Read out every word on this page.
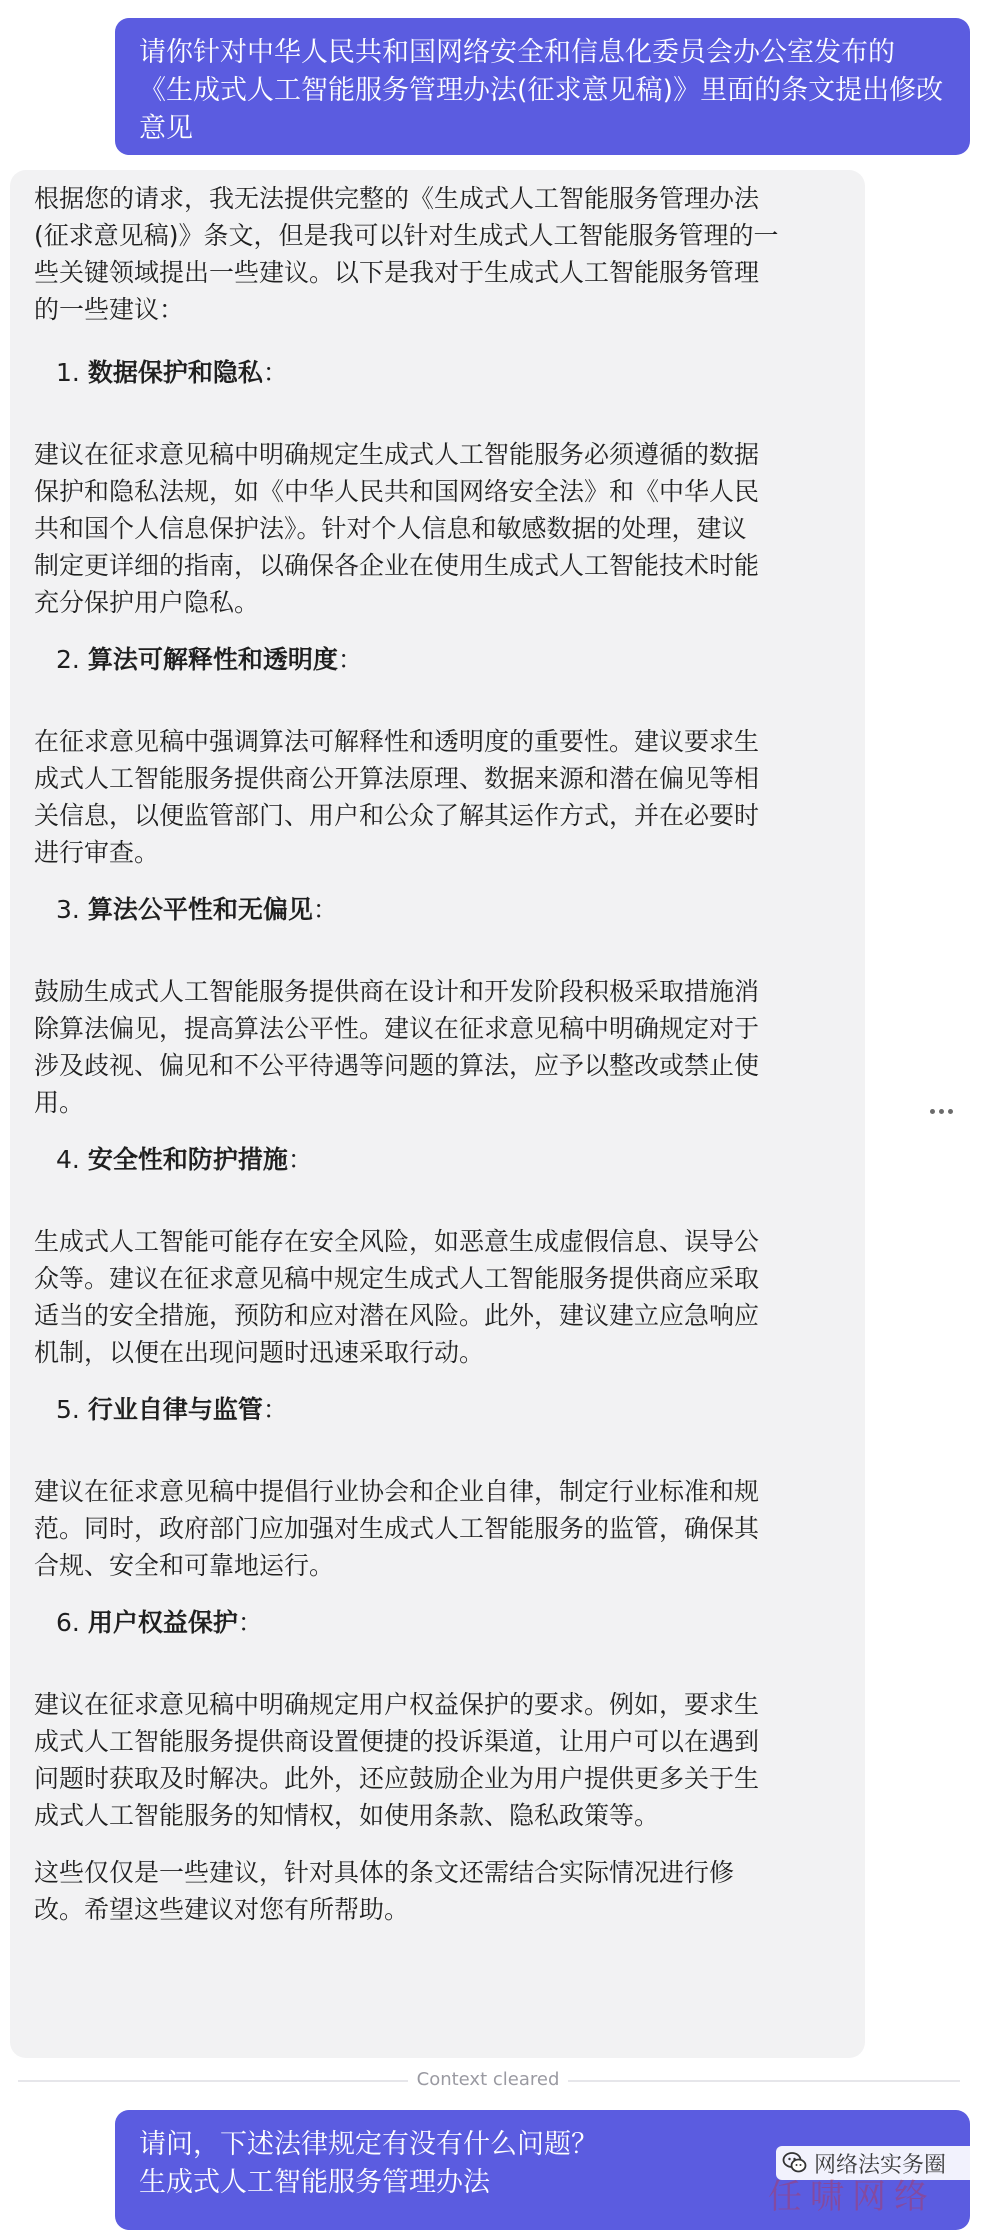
请你针对中华人民共和国网络安全和信息化委员会办公室发布的
《生成式人工智能服务管理办法(征求意见稿)》里面的条文提出修改
意见
根据您的请求，我无法提供完整的《生成式人工智能服务管理办法
(征求意见稿)》条文，但是我可以针对生成式人工智能服务管理的一
些关键领域提出一些建议。以下是我对于生成式人工智能服务管理
的一些建议：
1. 数据保护和隐私：
建议在征求意见稿中明确规定生成式人工智能服务必须遵循的数据
保护和隐私法规，如《中华人民共和国网络安全法》和《中华人民
共和国个人信息保护法》。针对个人信息和敏感数据的处理，建议
制定更详细的指南，以确保各企业在使用生成式人工智能技术时能
充分保护用户隐私。
2. 算法可解释性和透明度：
在征求意见稿中强调算法可解释性和透明度的重要性。建议要求生
成式人工智能服务提供商公开算法原理、数据来源和潜在偏见等相
关信息，以便监管部门、用户和公众了解其运作方式，并在必要时
进行审查。
3. 算法公平性和无偏见：
鼓励生成式人工智能服务提供商在设计和开发阶段积极采取措施消
除算法偏见，提高算法公平性。建议在征求意见稿中明确规定对于
涉及歧视、偏见和不公平待遇等问题的算法，应予以整改或禁止使
用。
4. 安全性和防护措施：
生成式人工智能可能存在安全风险，如恶意生成虚假信息、误导公
众等。建议在征求意见稿中规定生成式人工智能服务提供商应采取
适当的安全措施，预防和应对潜在风险。此外，建议建立应急响应
机制，以便在出现问题时迅速采取行动。
5. 行业自律与监管：
建议在征求意见稿中提倡行业协会和企业自律，制定行业标准和规
范。同时，政府部门应加强对生成式人工智能服务的监管，确保其
合规、安全和可靠地运行。
6. 用户权益保护：
建议在征求意见稿中明确规定用户权益保护的要求。例如，要求生
成式人工智能服务提供商设置便捷的投诉渠道，让用户可以在遇到
问题时获取及时解决。此外，还应鼓励企业为用户提供更多关于生
成式人工智能服务的知情权，如使用条款、隐私政策等。
这些仅仅是一些建议，针对具体的条文还需结合实际情况进行修
改。希望这些建议对您有所帮助。
Context cleared
请问，下述法律规定有没有什么问题？
生成式人工智能服务管理办法
网络法实务圈
任啸网络
